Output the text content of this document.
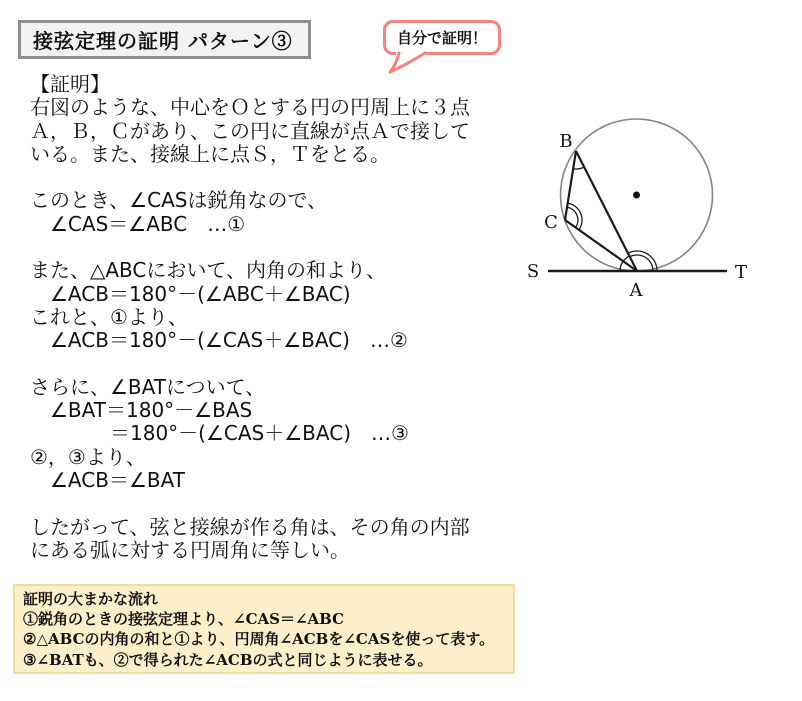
接弦定理の証明 パターン③	自分で証明！
【証明】
右図のような、中心をＯとする円の円周上に３点
Ａ，Ｂ，Ｃがあり、この円に直線が点Ａで接して
いる。また、接線上に点Ｓ，Ｔをとる。
このとき、∠CASは鋭角なので、
　∠CAS＝∠ABC　…①
また、△ABCにおいて、内角の和より、
　∠ACB＝180°－(∠ABC＋∠BAC)
これと、①より、
　∠ACB＝180°－(∠CAS＋∠BAC)　…②
さらに、∠BATについて、
　∠BAT＝180°－∠BAS
　　　　＝180°－(∠CAS＋∠BAC)　…③
②，③より、
　∠ACB＝∠BAT
したがって、弦と接線が作る角は、その角の内部
にある弧に対する円周角に等しい。
B
C
A
S	T
証明の大まかな流れ
①鋭角のときの接弦定理より、∠CAS＝∠ABC
②△ABCの内角の和と①より、円周角∠ACBを∠CASを使って表す。
③∠BATも、②で得られた∠ACBの式と同じように表せる。
